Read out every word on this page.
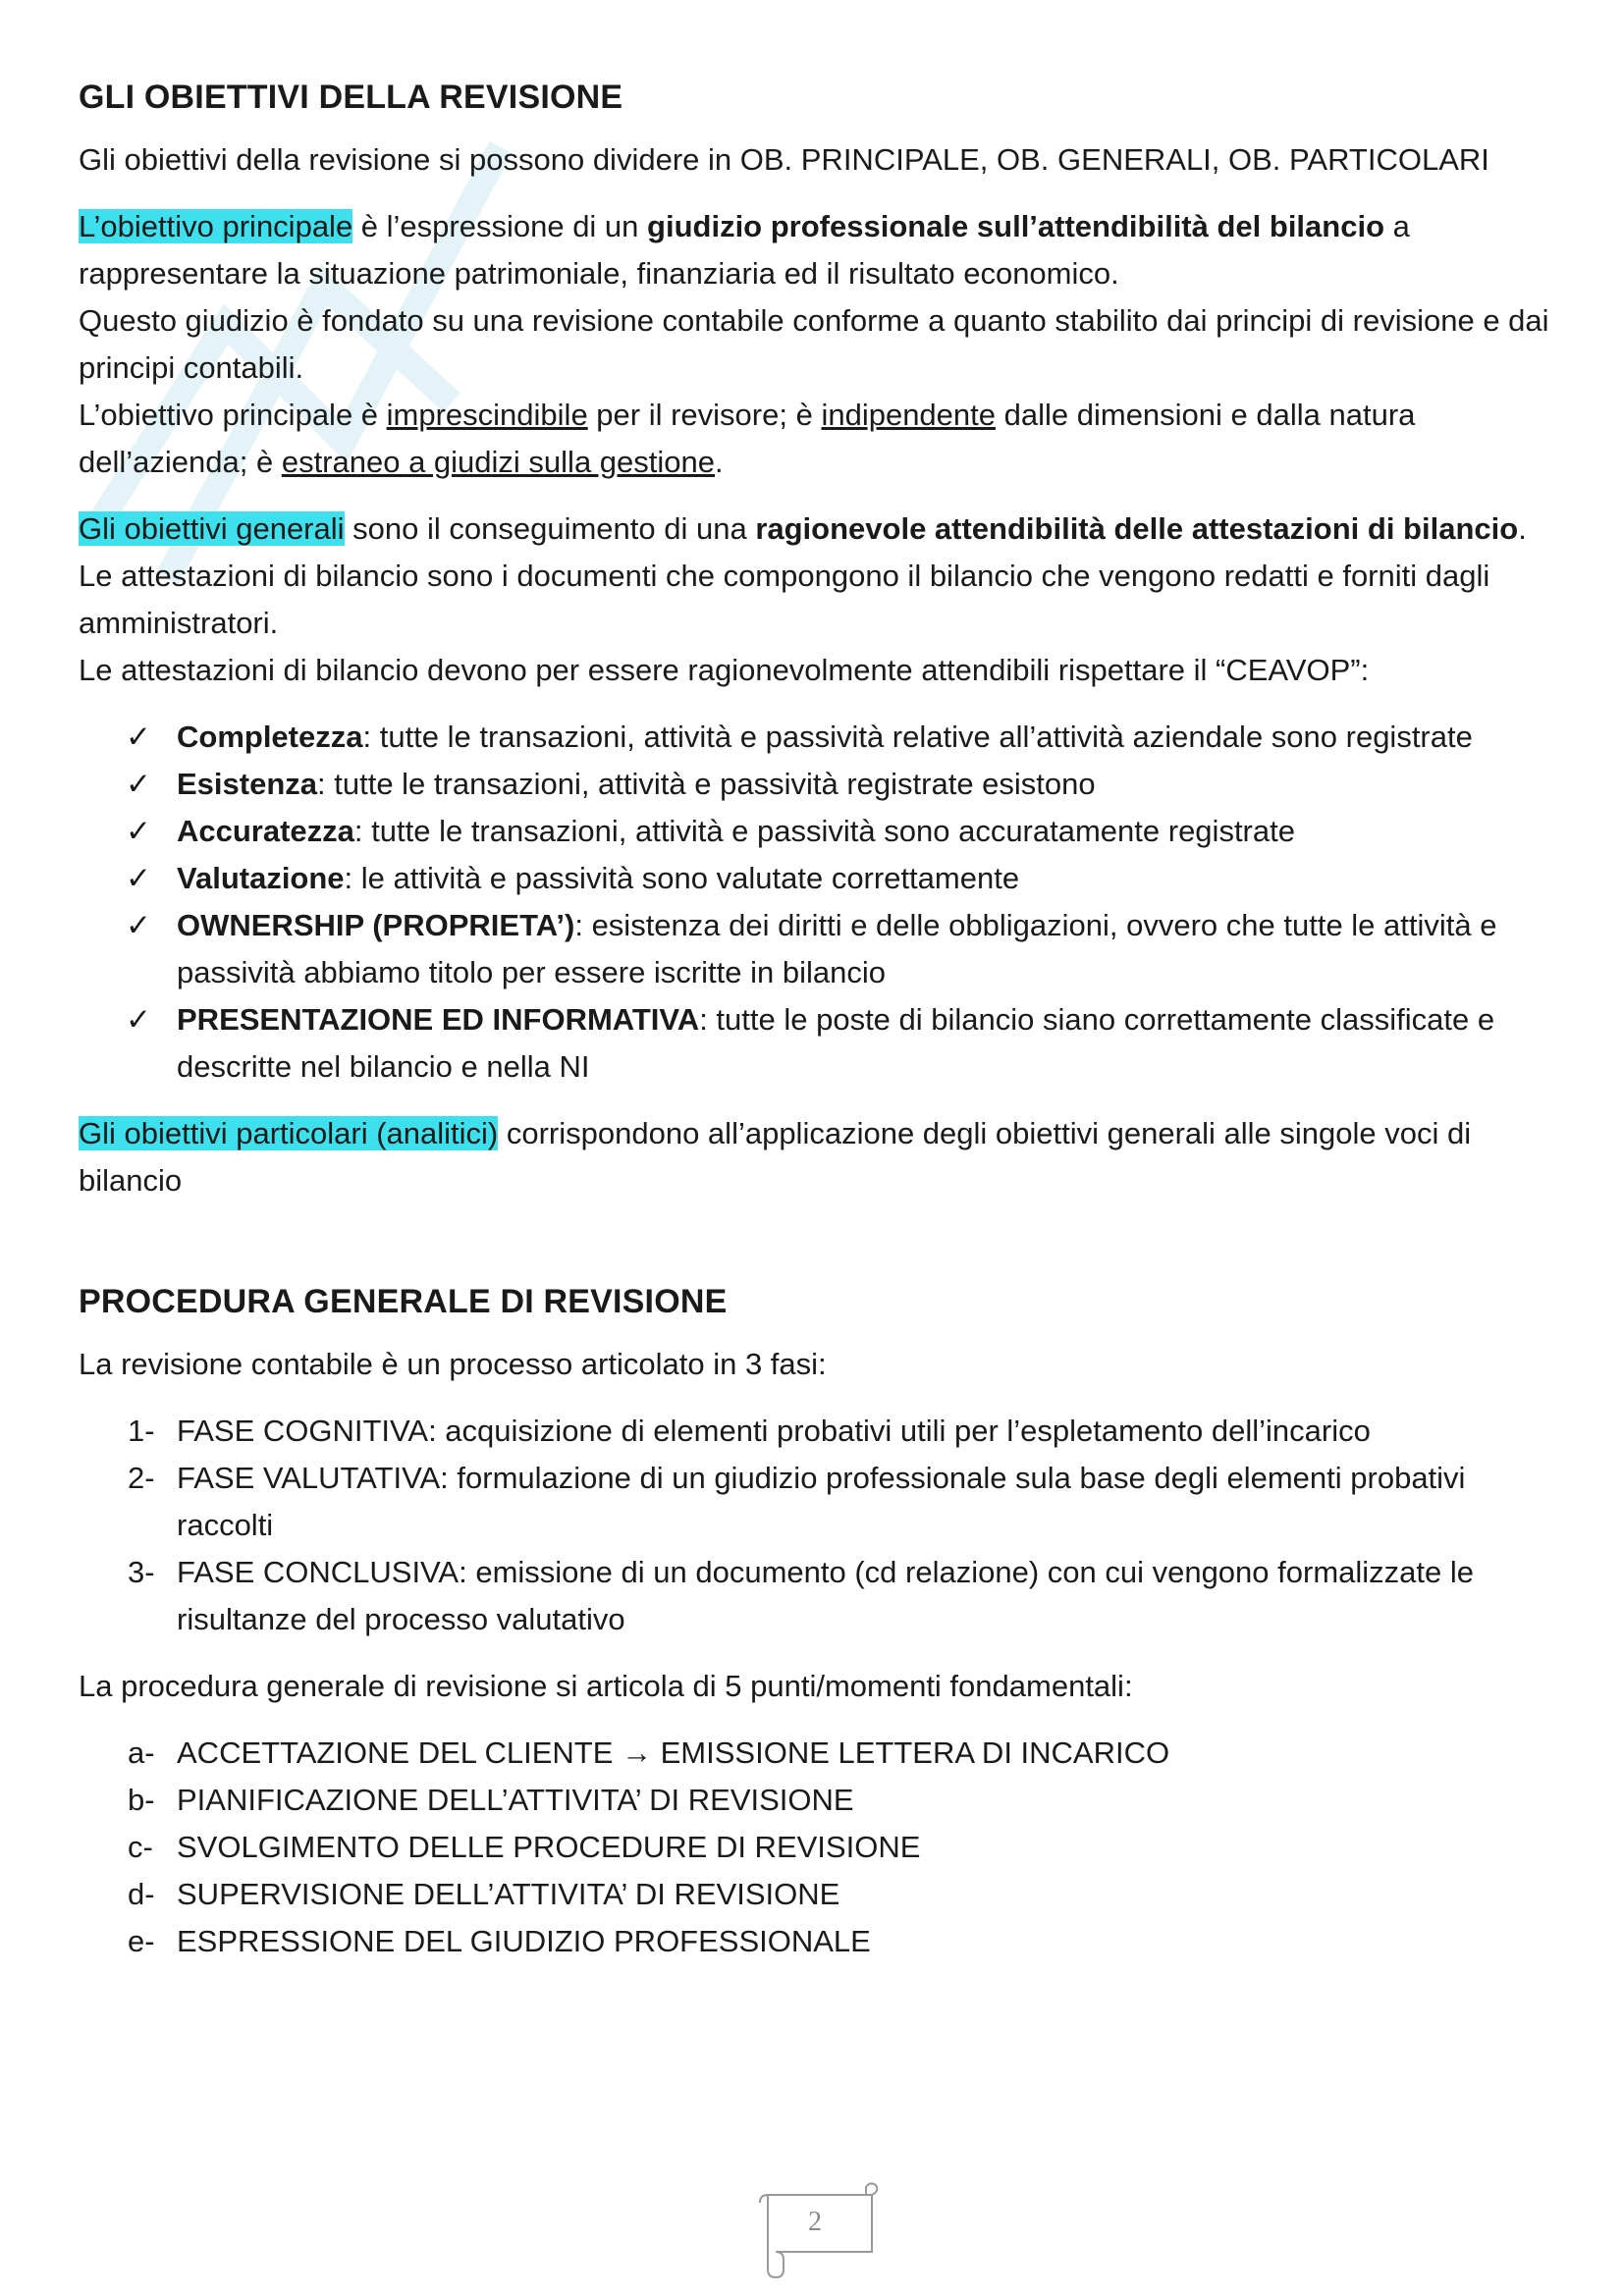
GLI OBIETTIVI DELLA REVISIONE

Gli obiettivi della revisione si possono dividere in OB. PRINCIPALE, OB. GENERALI, OB. PARTICOLARI

L’obiettivo principale è l’espressione di un giudizio professionale sull’attendibilità del bilancio a rappresentare la situazione patrimoniale, finanziaria ed il risultato economico.
Questo giudizio è fondato su una revisione contabile conforme a quanto stabilito dai principi di revisione e dai principi contabili.
L’obiettivo principale è imprescindibile per il revisore; è indipendente dalle dimensioni e dalla natura dell’azienda; è estraneo a giudizi sulla gestione.

Gli obiettivi generali sono il conseguimento di una ragionevole attendibilità delle attestazioni di bilancio. Le attestazioni di bilancio sono i documenti che compongono il bilancio che vengono redatti e forniti dagli amministratori.
Le attestazioni di bilancio devono per essere ragionevolmente attendibili rispettare il “CEAVOP”:

✓ Completezza: tutte le transazioni, attività e passività relative all’attività aziendale sono registrate
✓ Esistenza: tutte le transazioni, attività e passività registrate esistono
✓ Accuratezza: tutte le transazioni, attività e passività sono accuratamente registrate
✓ Valutazione: le attività e passività sono valutate correttamente
✓ OWNERSHIP (PROPRIETA’): esistenza dei diritti e delle obbligazioni, ovvero che tutte le attività e passività abbiamo titolo per essere iscritte in bilancio
✓ PRESENTAZIONE ED INFORMATIVA: tutte le poste di bilancio siano correttamente classificate e descritte nel bilancio e nella NI

Gli obiettivi particolari (analitici) corrispondono all’applicazione degli obiettivi generali alle singole voci di bilancio

PROCEDURA GENERALE DI REVISIONE

La revisione contabile è un processo articolato in 3 fasi:

1- FASE COGNITIVA: acquisizione di elementi probativi utili per l’espletamento dell’incarico
2- FASE VALUTATIVA: formulazione di un giudizio professionale sula base degli elementi probativi raccolti
3- FASE CONCLUSIVA: emissione di un documento (cd relazione) con cui vengono formalizzate le risultanze del processo valutativo

La procedura generale di revisione si articola di 5 punti/momenti fondamentali:

a- ACCETTAZIONE DEL CLIENTE → EMISSIONE LETTERA DI INCARICO
b- PIANIFICAZIONE DELL’ATTIVITA’ DI REVISIONE
c- SVOLGIMENTO DELLE PROCEDURE DI REVISIONE
d- SUPERVISIONE DELL’ATTIVITA’ DI REVISIONE
e- ESPRESSIONE DEL GIUDIZIO PROFESSIONALE
2
